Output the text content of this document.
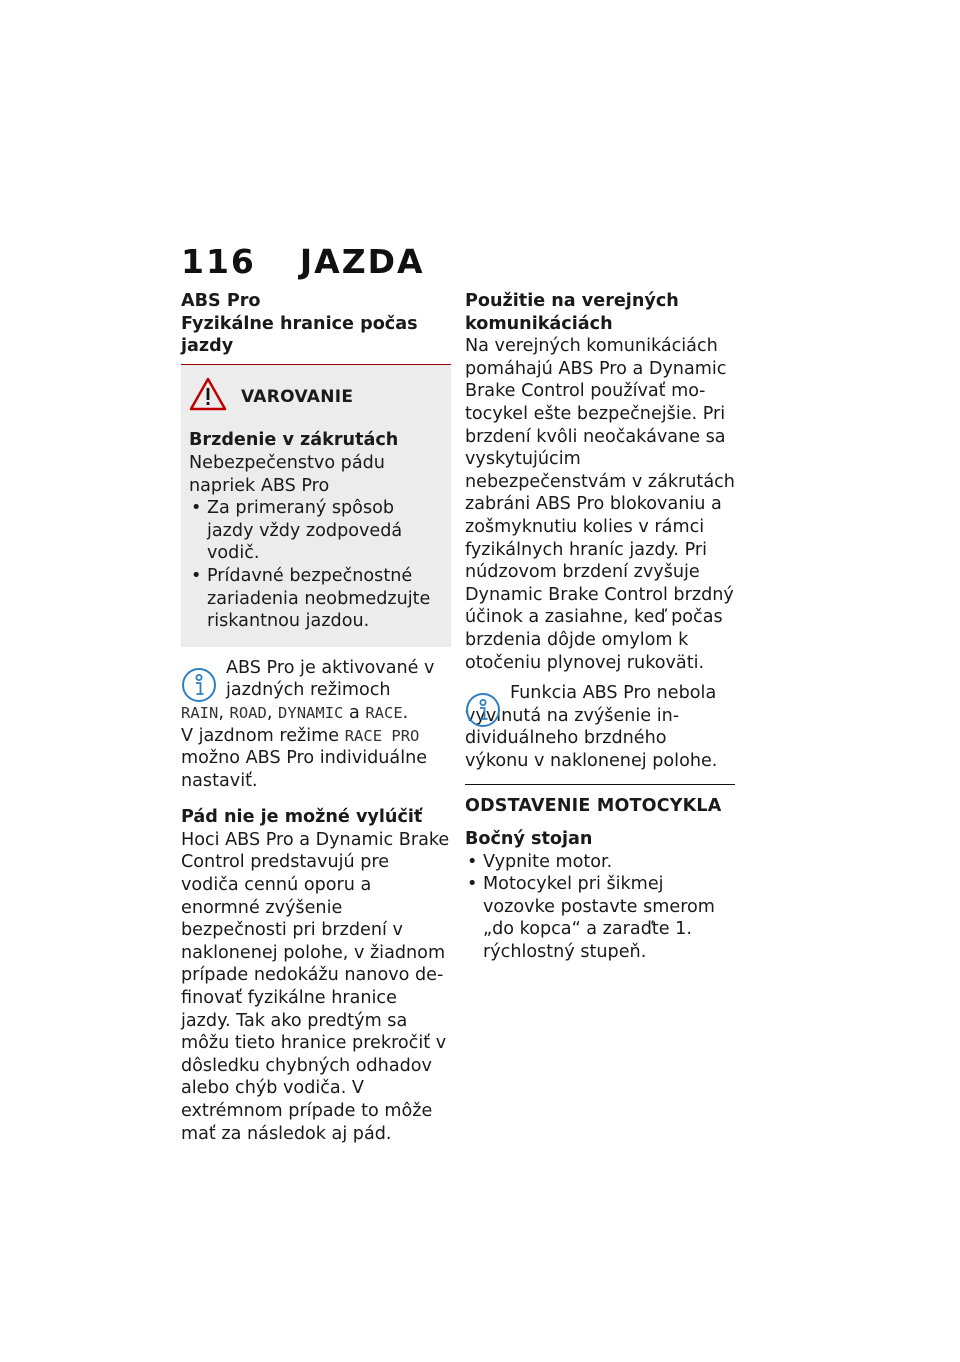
116 JAZDA

ABS Pro

Fyzikálne hranice počas jazdy

VAROVANIE

Brzdenie v zákrutách

Nebezpečenstvo pádu napriek ABS Pro

• Za primeraný spôsob jazdy vždy zodpovedá vodič.
• Prídavné bezpečnostné zariadenia neobmedzujte riskantnou jazdou.

ABS Pro je aktivované v jazdných režimoch

RAIN, ROAD, DYNAMIC a RACE.

V jazdnom režime RACE PRO

možno ABS Pro individuálne nastaviť.

Pád nie je možné vylúčiť

Hoci ABS Pro a Dynamic Brake Control predstavujú pre vodiča cennú oporu a enormné zvýšenie bezpečnosti pri brzdení v naklonenej polohe, v žiadnom prípade nedokážu nanovo definovať fyzikálne hranice jazdy. Tak ako predtým sa môžu tieto hranice prekročiť v dôsledku chybných odhadov alebo chýb vodiča. V extrémnom prípade to môže mať za následok aj pád.

Použitie na verejných komunikáciách

Na verejných komunikáciách pomáhajú ABS Pro a Dynamic Brake Control používať motocykel ešte bezpečnejšie. Pri brzdení kvôli neočakávane sa vyskytujúcim nebezpečenstvám v zákrutách zabráni ABS Pro blokovaniu a zošmyknutiu kolies v rámci fyzikálnych hraníc jazdy. Pri núdzovom brzdení zvyšuje Dynamic Brake Control brzdný účinok a zasiahne, keď počas brzdenia dôjde omylom k otočeniu plynovej rukoväti.

Funkcia ABS Pro nebola vyvinutá na zvýšenie individuálneho brzdného výkonu v naklonenej polohe.

ODSTAVENIE MOTOCYKLA

Bočný stojan

• Vypnite motor.
• Motocykel pri šikmej vozovke postavte smerom „do kopca“ a zaraďte 1. rýchlostný stupeň.
